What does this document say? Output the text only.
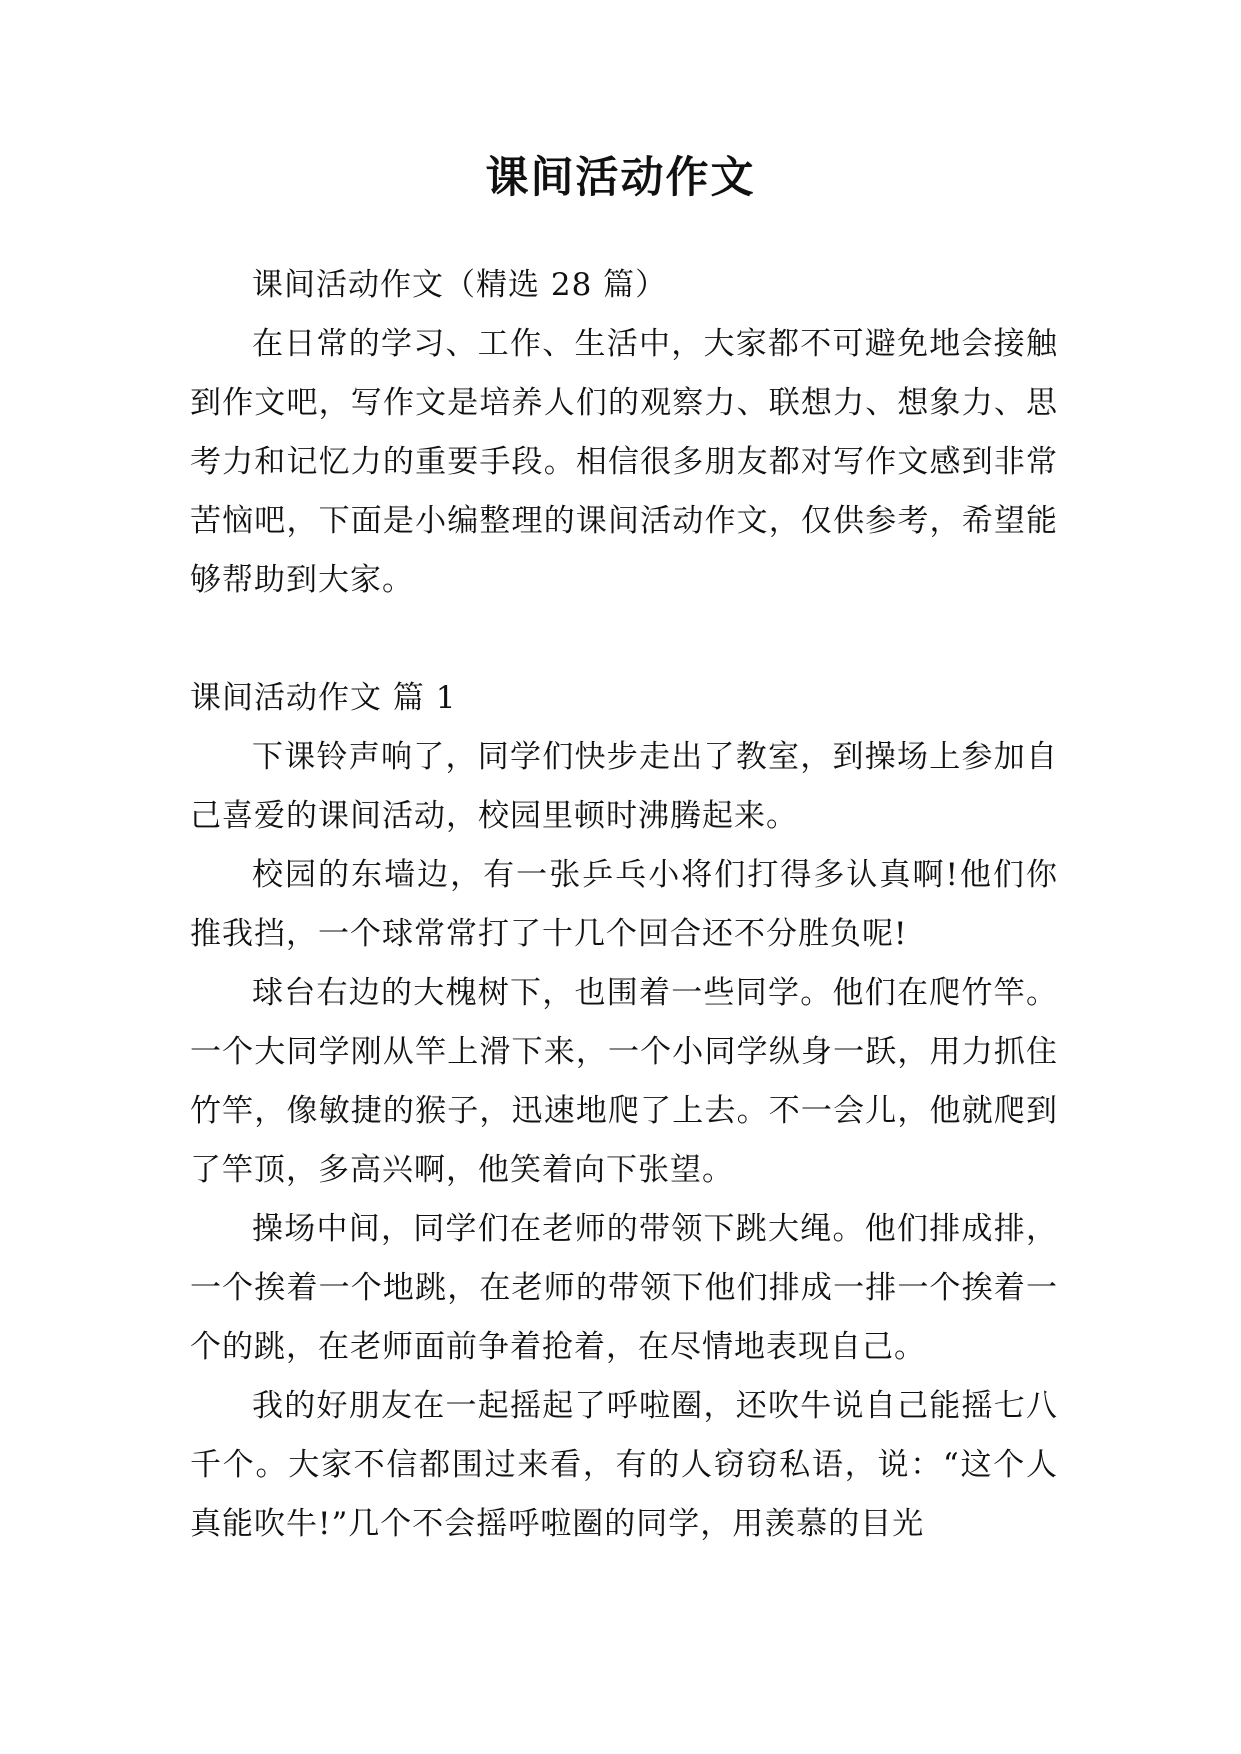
课间活动作文

课间活动作文（精选 28 篇）

在日常的学习、工作、生活中，大家都不可避免地会接触到作文吧，写作文是培养人们的观察力、联想力、想象力、思考力和记忆力的重要手段。相信很多朋友都对写作文感到非常苦恼吧，下面是小编整理的课间活动作文，仅供参考，希望能够帮助到大家。

课间活动作文 篇 1

下课铃声响了，同学们快步走出了教室，到操场上参加自己喜爱的课间活动，校园里顿时沸腾起来。

校园的东墙边，有一张乒乓小将们打得多认真啊!他们你推我挡，一个球常常打了十几个回合还不分胜负呢!

球台右边的大槐树下，也围着一些同学。他们在爬竹竿。一个大同学刚从竿上滑下来，一个小同学纵身一跃，用力抓住竹竿，像敏捷的猴子，迅速地爬了上去。不一会儿，他就爬到了竿顶，多高兴啊，他笑着向下张望。

操场中间，同学们在老师的带领下跳大绳。他们排成排，一个挨着一个地跳，在老师的带领下他们排成一排一个挨着一个的跳，在老师面前争着抢着，在尽情地表现自己。

我的好朋友在一起摇起了呼啦圈，还吹牛说自己能摇七八千个。大家不信都围过来看，有的人窃窃私语，说：“这个人真能吹牛!”几个不会摇呼啦圈的同学，用羡慕的目光
